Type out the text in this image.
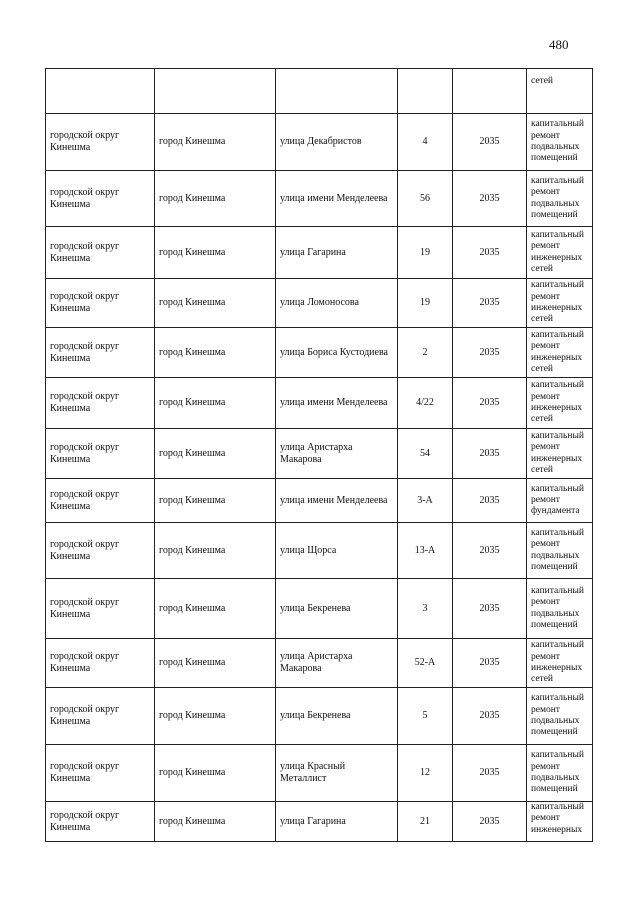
480
					сетей
городской округ Кинешма	город Кинешма	улица Декабристов	4	2035	капитальный ремонт подвальных помещений
городской округ Кинешма	город Кинешма	улица имени Менделеева	56	2035	капитальный ремонт подвальных помещений
городской округ Кинешма	город Кинешма	улица Гагарина	19	2035	капитальный ремонт инженерных сетей
городской округ Кинешма	город Кинешма	улица Ломоносова	19	2035	капитальный ремонт инженерных сетей
городской округ Кинешма	город Кинешма	улица Бориса Кустодиева	2	2035	капитальный ремонт инженерных сетей
городской округ Кинешма	город Кинешма	улица имени Менделеева	4/22	2035	капитальный ремонт инженерных сетей
городской округ Кинешма	город Кинешма	улица Аристарха Макарова	54	2035	капитальный ремонт инженерных сетей
городской округ Кинешма	город Кинешма	улица имени Менделеева	3-А	2035	капитальный ремонт фундамента
городской округ Кинешма	город Кинешма	улица Щорса	13-А	2035	капитальный ремонт подвальных помещений
городской округ Кинешма	город Кинешма	улица Бекренева	3	2035	капитальный ремонт подвальных помещений
городской округ Кинешма	город Кинешма	улица Аристарха Макарова	52-А	2035	капитальный ремонт инженерных сетей
городской округ Кинешма	город Кинешма	улица Бекренева	5	2035	капитальный ремонт подвальных помещений
городской округ Кинешма	город Кинешма	улица Красный Металлист	12	2035	капитальный ремонт подвальных помещений
городской округ Кинешма	город Кинешма	улица Гагарина	21	2035	капитальный ремонт инженерных
